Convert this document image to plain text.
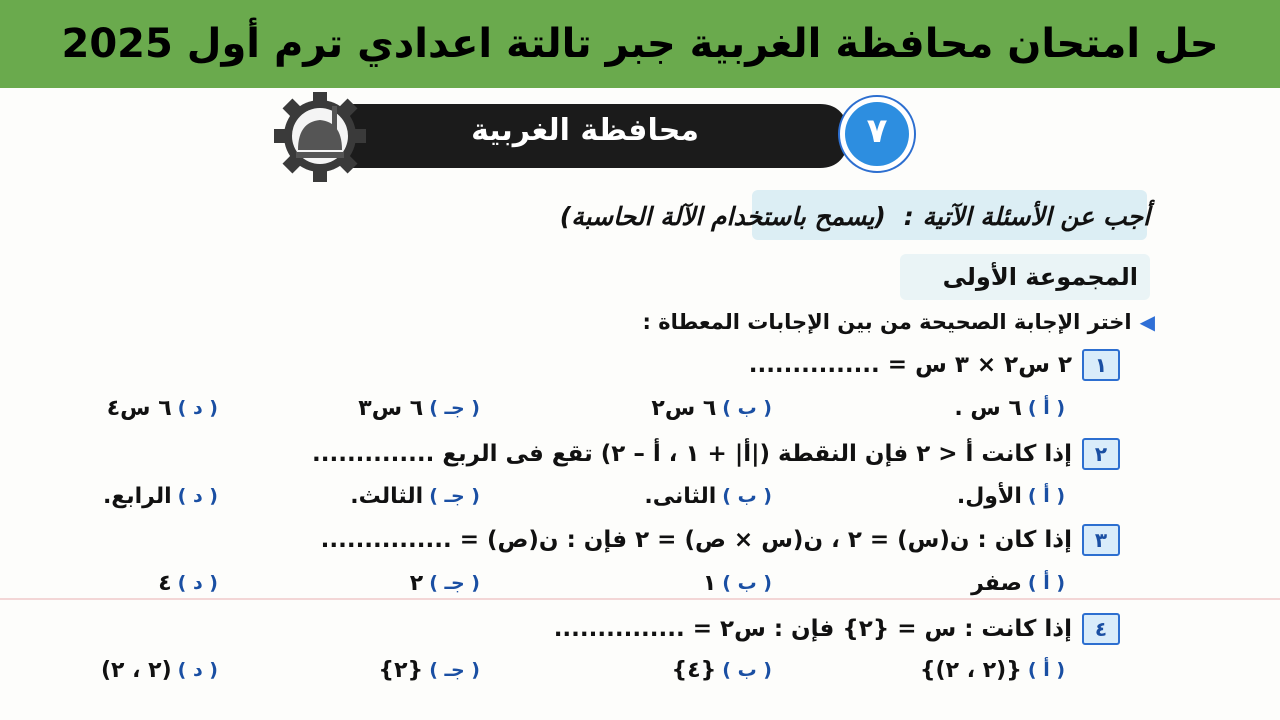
حل امتحان محافظة الغربية جبر تالتة اعدادي ترم أول 2025
محافظة الغربية	٧
أجب عن الأسئلة الآتية :
(يسمح باستخدام الآلة الحاسبة)
المجموعة الأولى
◀
اختر الإجابة الصحيحة من بين الإجابات المعطاة :
١
٢ س٢ × ٣ س = ...............
( أ )
٦ س .
( ب )
٦ س٢
( جـ )
٦ س٣
( د )
٦ س٤
٢
إذا كانت أ < ٢ فإن النقطة (|أ| + ١ ، أ – ٢) تقع فى الربع ..............
( أ )
الأول.
( ب )
الثانى.
( جـ )
الثالث.
( د )
الرابع.
٣
إذا كان : ن(س) = ٢ ، ن(س × ص) = ٢ فإن : ن(ص) = ...............
( أ )
صفر
( ب )
١
( جـ )
٢
( د )
٤
٤
إذا كانت : س = {٢} فإن : س٢ = ...............
( أ )
{(٢ ، ٢)}
( ب )
{٤}
( جـ )
{٢}
( د )
(٢ ، ٢)
